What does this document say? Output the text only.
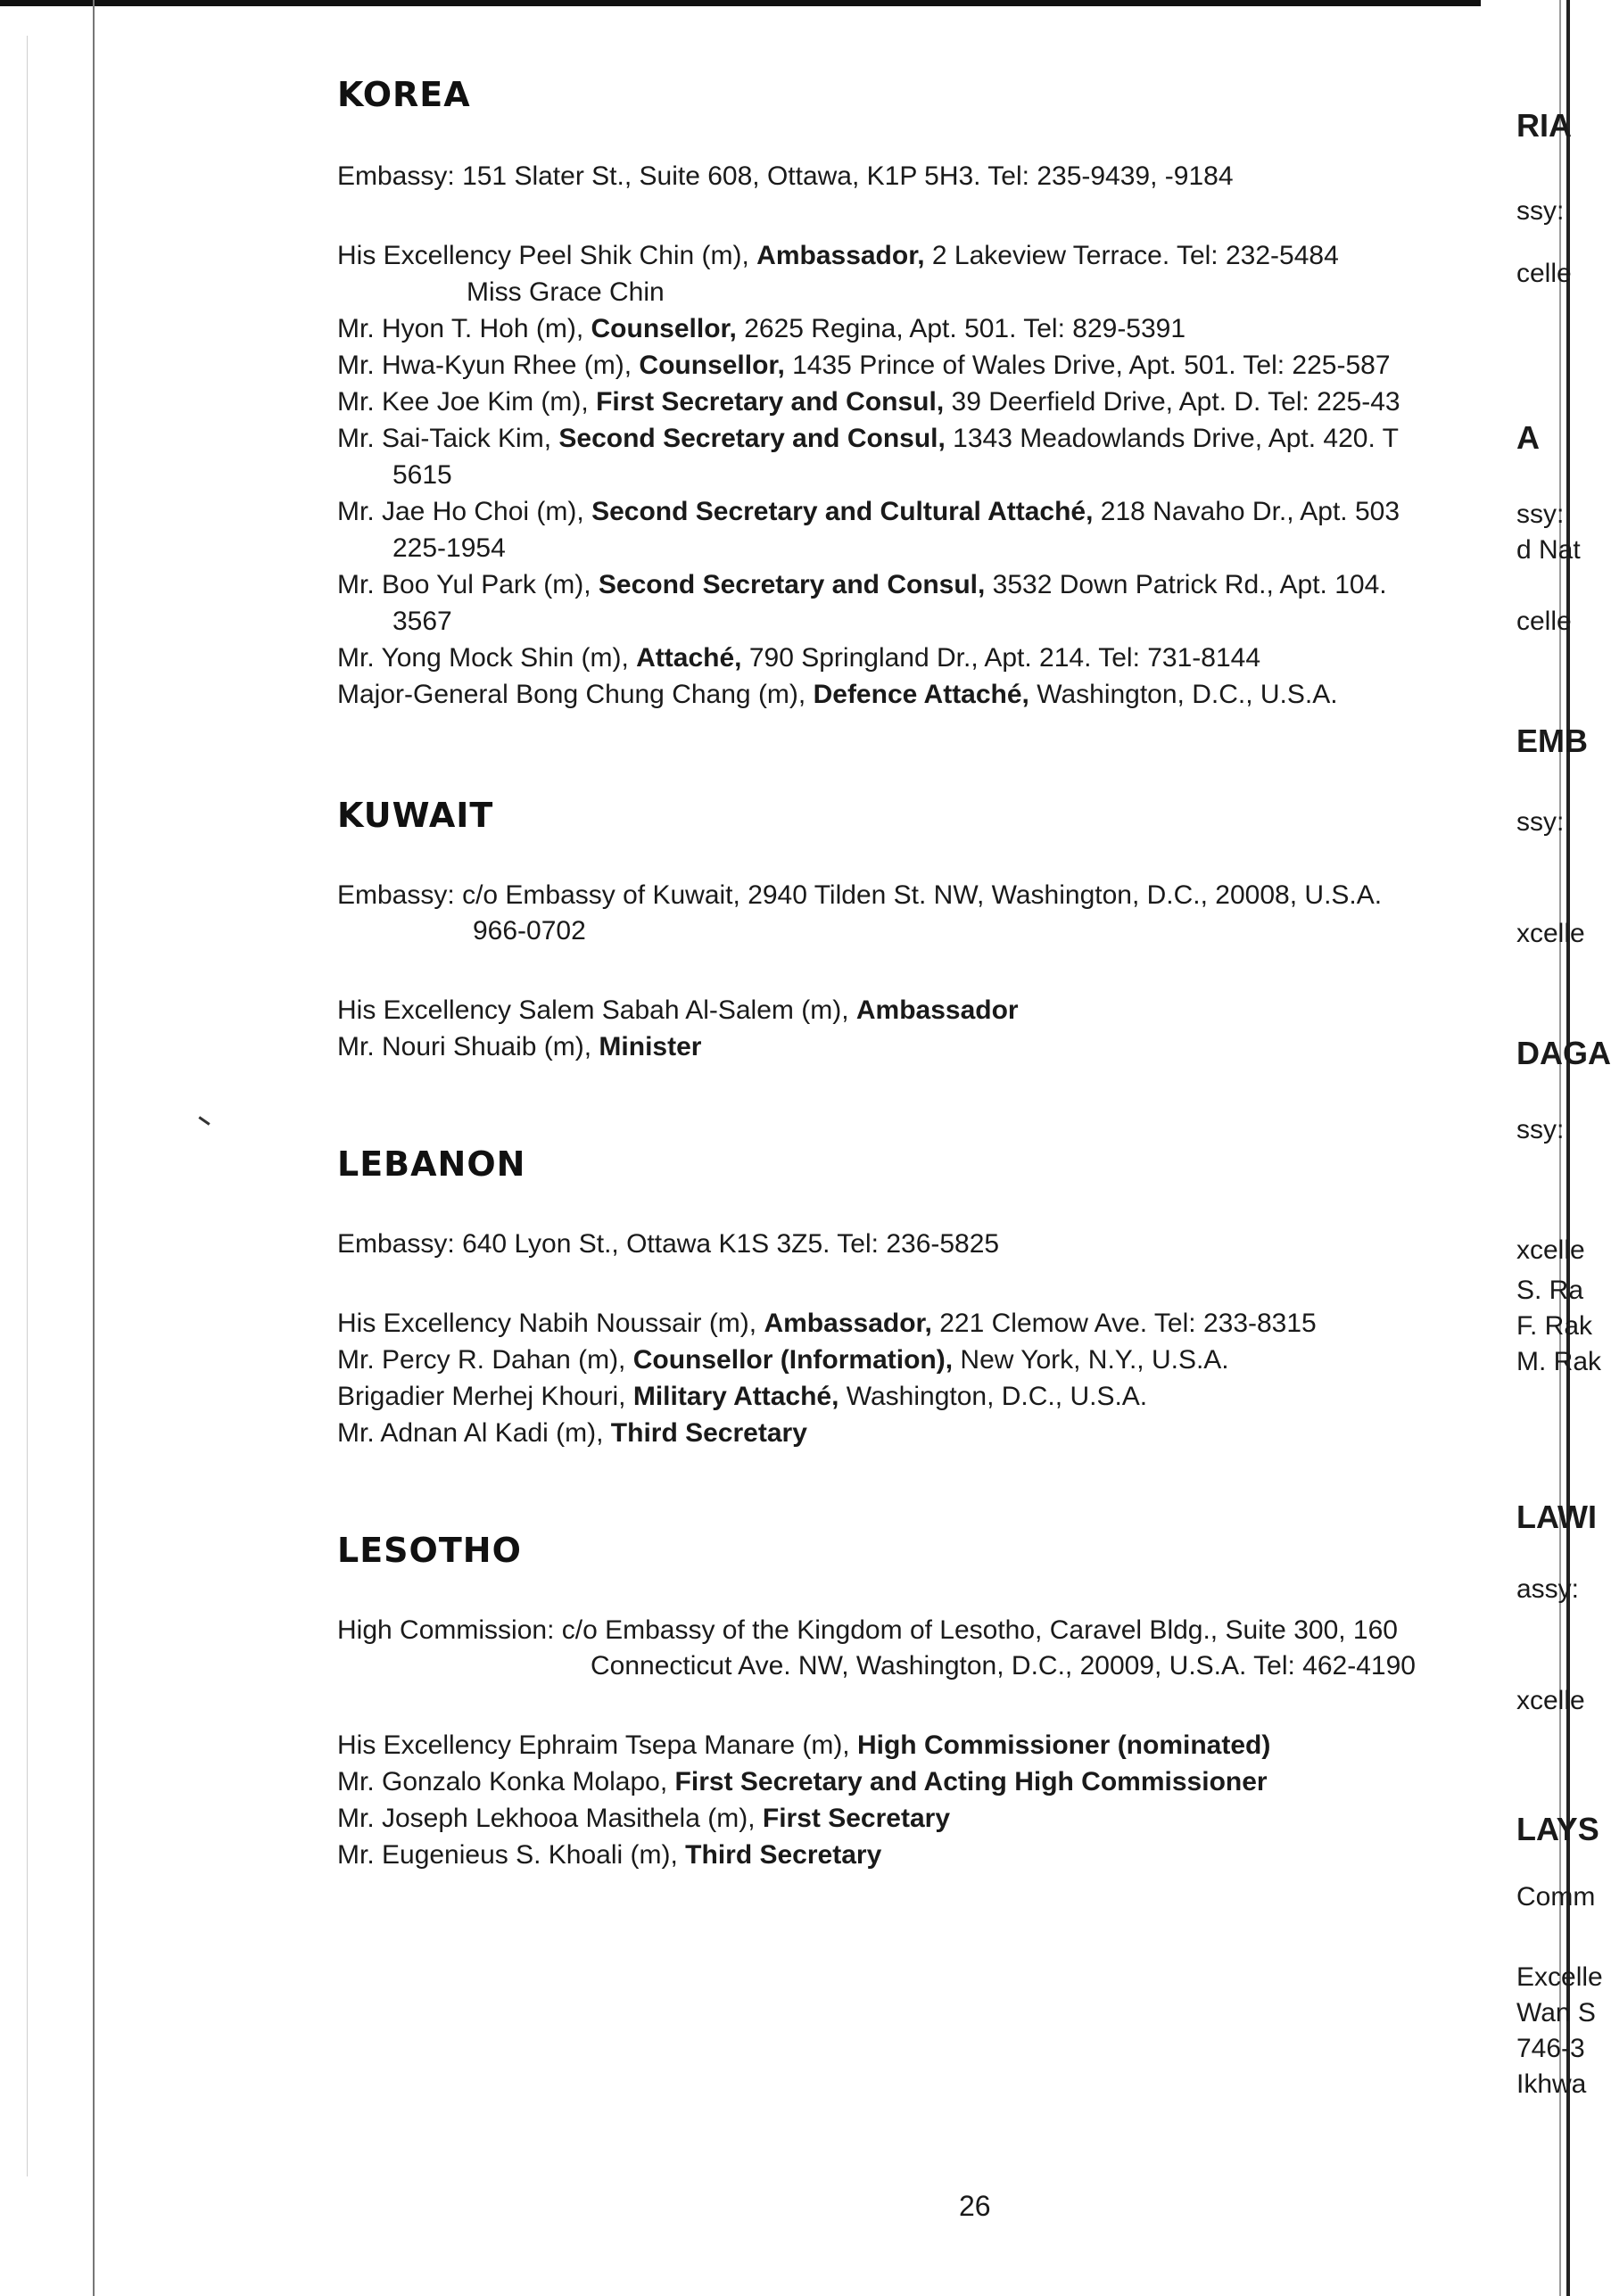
KOREA
Embassy: 151 Slater St., Suite 608, Ottawa, K1P 5H3. Tel: 235-9439, -9184
His Excellency Peel Shik Chin (m), Ambassador, 2 Lakeview Terrace. Tel: 232-5484
Miss Grace Chin
Mr. Hyon T. Hoh (m), Counsellor, 2625 Regina, Apt. 501. Tel: 829-5391
Mr. Hwa-Kyun Rhee (m), Counsellor, 1435 Prince of Wales Drive, Apt. 501. Tel: 225-587
Mr. Kee Joe Kim (m), First Secretary and Consul, 39 Deerfield Drive, Apt. D. Tel: 225-43
Mr. Sai-Taick Kim, Second Secretary and Consul, 1343 Meadowlands Drive, Apt. 420. T
5615
Mr. Jae Ho Choi (m), Second Secretary and Cultural Attaché, 218 Navaho Dr., Apt. 503
225-1954
Mr. Boo Yul Park (m), Second Secretary and Consul, 3532 Down Patrick Rd., Apt. 104.
3567
Mr. Yong Mock Shin (m), Attaché, 790 Springland Dr., Apt. 214. Tel: 731-8144
Major-General Bong Chung Chang (m), Defence Attaché, Washington, D.C., U.S.A.
KUWAIT
Embassy: c/o Embassy of Kuwait, 2940 Tilden St. NW, Washington, D.C., 20008, U.S.A.
966-0702
His Excellency Salem Sabah Al-Salem (m), Ambassador
Mr. Nouri Shuaib (m), Minister
LEBANON
Embassy: 640 Lyon St., Ottawa K1S 3Z5. Tel: 236-5825
His Excellency Nabih Noussair (m), Ambassador, 221 Clemow Ave. Tel: 233-8315
Mr. Percy R. Dahan (m), Counsellor (Information), New York, N.Y., U.S.A.
Brigadier Merhej Khouri, Military Attaché, Washington, D.C., U.S.A.
Mr. Adnan Al Kadi (m), Third Secretary
LESOTHO
High Commission: c/o Embassy of the Kingdom of Lesotho, Caravel Bldg., Suite 300, 160
Connecticut Ave. NW, Washington, D.C., 20009, U.S.A. Tel: 462-4190
His Excellency Ephraim Tsepa Manare (m), High Commissioner (nominated)
Mr. Gonzalo Konka Molapo, First Secretary and Acting High Commissioner
Mr. Joseph Lekhooa Masithela (m), First Secretary
Mr. Eugenieus S. Khoali (m), Third Secretary
26
RIA
ssy:
celle
A
ssy:
d Nat
celle
EMB
ssy:
xcelle
DAGA
ssy:
xcelle
S. Ra
F. Rak
M. Rak
LAWI
assy:
xcelle
LAYS
Comm
Excelle
Wan S
746-3
Ikhwa
